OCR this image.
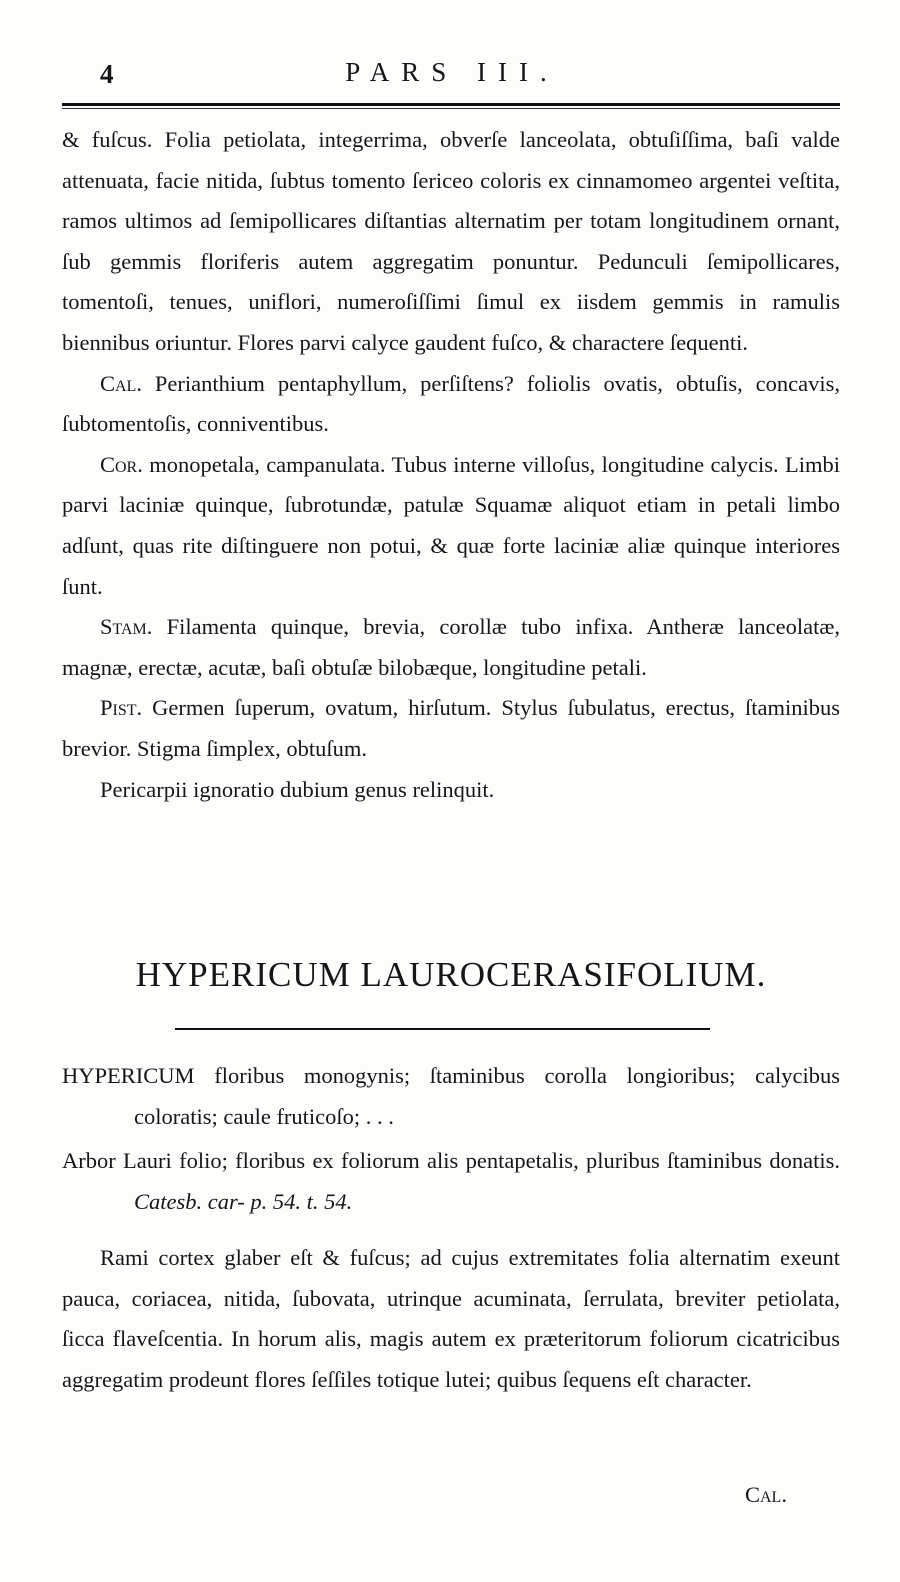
4	PARS III.

& fuſcus. Folia petiolata, integerrima, obverſe lanceolata, obtuſiſſima, baſi valde attenuata, facie nitida, ſubtus tomento ſericeo coloris ex cinnamomeo argentei veſtita, ramos ultimos ad ſemipollicares diſtantias alternatim per totam longitudinem ornant, ſub gemmis floriferis autem aggregatim ponuntur. Pedunculi ſemipollicares, tomentoſi, tenues, uniflori, numeroſiſſimi ſimul ex iisdem gemmis in ramulis biennibus oriuntur. Flores parvi calyce gaudent fuſco, & charactere ſequenti.

Cal. Perianthium pentaphyllum, perſiſtens? foliolis ovatis, obtuſis, concavis, ſubtomentoſis, conniventibus.

Cor. monopetala, campanulata. Tubus interne villoſus, longitudine calycis. Limbi parvi laciniæ quinque, ſubrotundæ, patulæ Squamæ aliquot etiam in petali limbo adſunt, quas rite diſtinguere non potui, & quæ forte laciniæ aliæ quinque interiores ſunt.

Stam. Filamenta quinque, brevia, corollæ tubo infixa. Antheræ lanceolatæ, magnæ, erectæ, acutæ, baſi obtuſæ bilobæque, longitudine petali.

Pist. Germen ſuperum, ovatum, hirſutum. Stylus ſubulatus, erectus, ſtaminibus brevior. Stigma ſimplex, obtuſum.

Pericarpii ignoratio dubium genus relinquit.

HYPERICUM LAUROCERASIFOLIUM.

HYPERICUM floribus monogynis; ſtaminibus corolla longioribus; calycibus coloratis; caule fruticoſo; . . .

Arbor Lauri folio; floribus ex foliorum alis pentapetalis, pluribus ſtaminibus donatis. Catesb. car- p. 54. t. 54.

Rami cortex glaber eſt & fuſcus; ad cujus extremitates folia alternatim exeunt pauca, coriacea, nitida, ſubovata, utrinque acuminata, ſerrulata, breviter petiolata, ſicca flaveſcentia. In horum alis, magis autem ex præteritorum foliorum cicatricibus aggregatim prodeunt flores ſeſſiles totique lutei; quibus ſequens eſt character.

Cal.
